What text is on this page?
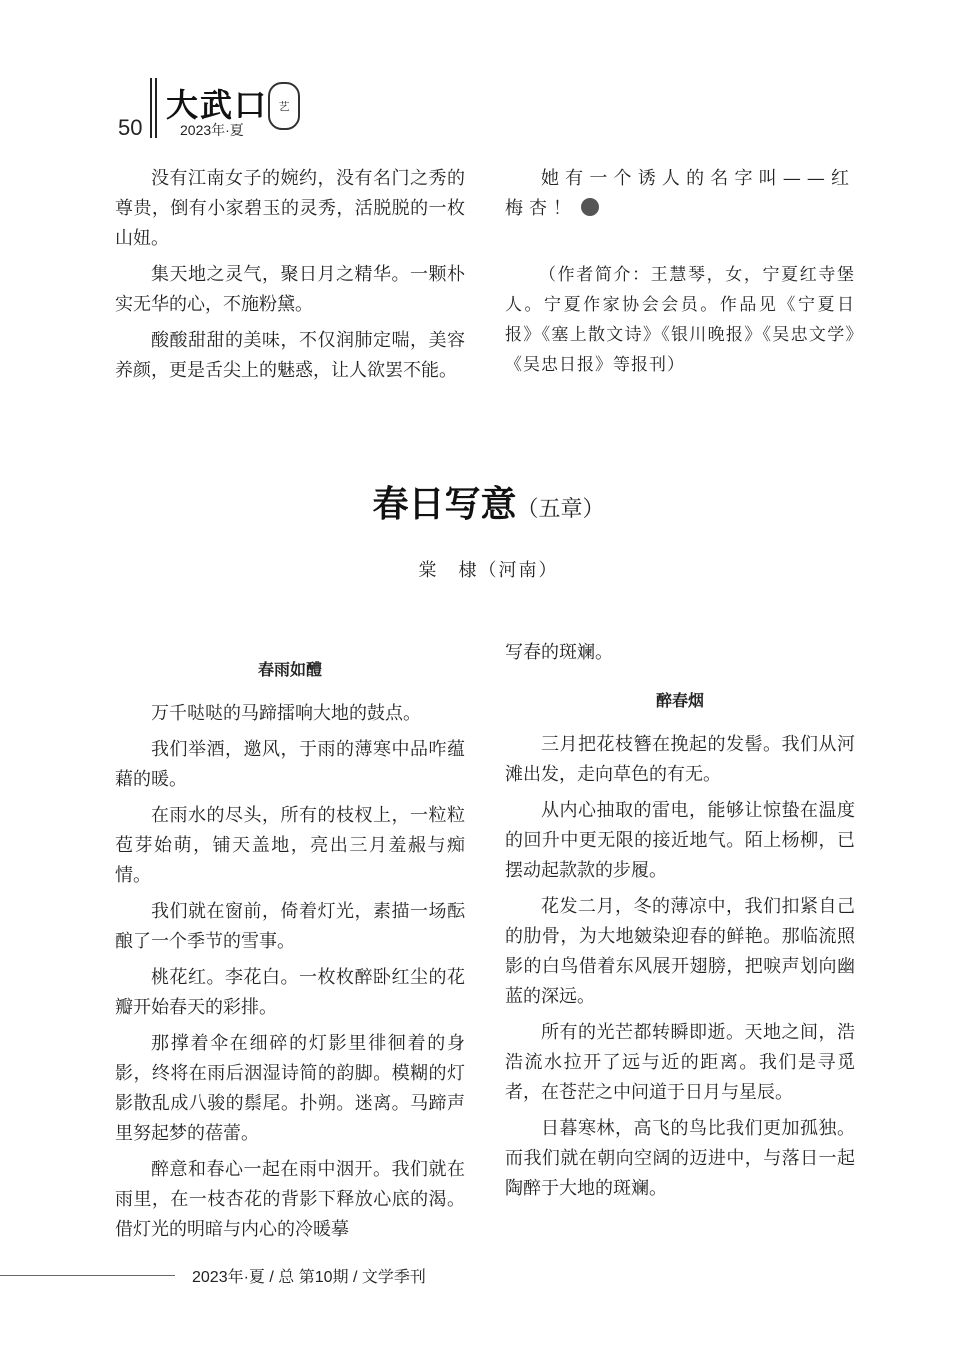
50
大武口 艺
2023年·夏

没有江南女子的婉约，没有名门之秀的尊贵，倒有小家碧玉的灵秀，活脱脱的一枚山妞。

集天地之灵气，聚日月之精华。一颗朴实无华的心，不施粉黛。

酸酸甜甜的美味，不仅润肺定喘，美容养颜，更是舌尖上的魅惑，让人欲罢不能。

她有一个诱人的名字叫——红梅杏！

（作者简介：王慧琴，女，宁夏红寺堡人。宁夏作家协会会员。作品见《宁夏日报》《塞上散文诗》《银川晚报》《吴忠文学》《吴忠日报》等报刊）

春日写意（五章）
棠　棣（河南）
春雨如醴

万千哒哒的马蹄擂响大地的鼓点。

我们举酒，邀风，于雨的薄寒中品咋蕴藉的暖。

在雨水的尽头，所有的枝杈上，一粒粒苞芽始萌，铺天盖地，亮出三月羞赧与痴情。

我们就在窗前，倚着灯光，素描一场酝酿了一个季节的雪事。

桃花红。李花白。一枚枚醉卧红尘的花瓣开始春天的彩排。

那撑着伞在细碎的灯影里徘徊着的身影，终将在雨后洇湿诗简的韵脚。模糊的灯影散乱成八骏的鬃尾。扑朔。迷离。马蹄声里努起梦的蓓蕾。

醉意和春心一起在雨中洇开。我们就在雨里，在一枝杏花的背影下释放心底的渴。借灯光的明暗与内心的冷暖摹

写春的斑斓。

醉春烟

三月把花枝簪在挽起的发髻。我们从河滩出发，走向草色的有无。

从内心抽取的雷电，能够让惊蛰在温度的回升中更无限的接近地气。陌上杨柳，已摆动起款款的步履。

花发二月，冬的薄凉中，我们扣紧自己的肋骨，为大地皴染迎春的鲜艳。那临流照影的白鸟借着东风展开翅膀，把唳声划向幽蓝的深远。

所有的光芒都转瞬即逝。天地之间，浩浩流水拉开了远与近的距离。我们是寻觅者，在苍茫之中问道于日月与星辰。

日暮寒林，高飞的鸟比我们更加孤独。而我们就在朝向空阔的迈进中，与落日一起陶醉于大地的斑斓。

2023年·夏 / 总 第10期 / 文学季刊
